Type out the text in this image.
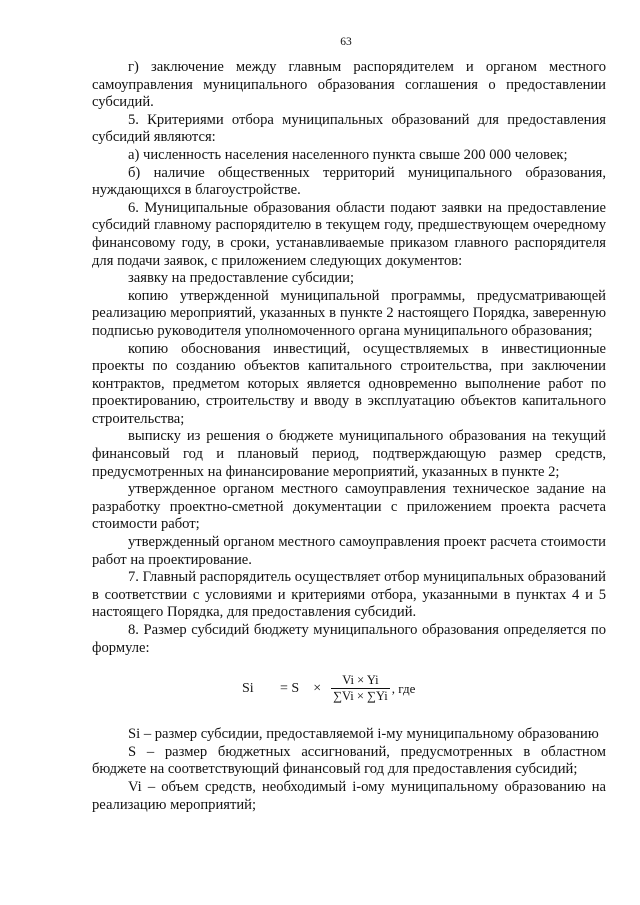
63

г) заключение между главным распорядителем и органом местного самоуправления муниципального образования соглашения о предоставлении субсидий.

5. Критериями отбора муниципальных образований для предоставления субсидий являются:

а) численность населения населенного пункта свыше 200 000 человек;

б) наличие общественных территорий муниципального образования, нуждающихся в благоустройстве.

6. Муниципальные образования области подают заявки на предоставление субсидий главному распорядителю в текущем году, предшествующем очередному финансовому году, в сроки, устанавливаемые приказом главного распорядителя для подачи заявок, с приложением следующих документов:

заявку на предоставление субсидии;

копию утвержденной муниципальной программы, предусматривающей реализацию мероприятий, указанных в пункте 2 настоящего Порядка, заверенную подписью руководителя уполномоченного органа муниципального образования;

копию обоснования инвестиций, осуществляемых в инвестиционные проекты по созданию объектов капитального строительства, при заключении контрактов, предметом которых является одновременно выполнение работ по проектированию, строительству и вводу в эксплуатацию объектов капитального строительства;

выписку из решения о бюджете муниципального образования на текущий финансовый год и плановый период, подтверждающую размер средств, предусмотренных на финансирование мероприятий, указанных в пункте 2;

утвержденное органом местного самоуправления техническое задание на разработку проектно-сметной документации с приложением проекта расчета стоимости работ;

утвержденный органом местного самоуправления проект расчета стоимости работ на проектирование.

7. Главный распорядитель осуществляет отбор муниципальных образований в соответствии с условиями и критериями отбора, указанными в пунктах 4 и 5 настоящего Порядка, для предоставления субсидий.

8. Размер субсидий бюджету муниципального образования определяется по формуле:

Si	= $S \times \frac{Vi \times Yi}{\sum Vi \times \sum Yi}$ , где

Si – размер субсидии, предоставляемой i-му муниципальному образованию

S – размер бюджетных ассигнований, предусмотренных в областном бюджете на соответствующий финансовый год для предоставления субсидий;

Vi – объем средств, необходимый i-ому муниципальному образованию на реализацию мероприятий;
